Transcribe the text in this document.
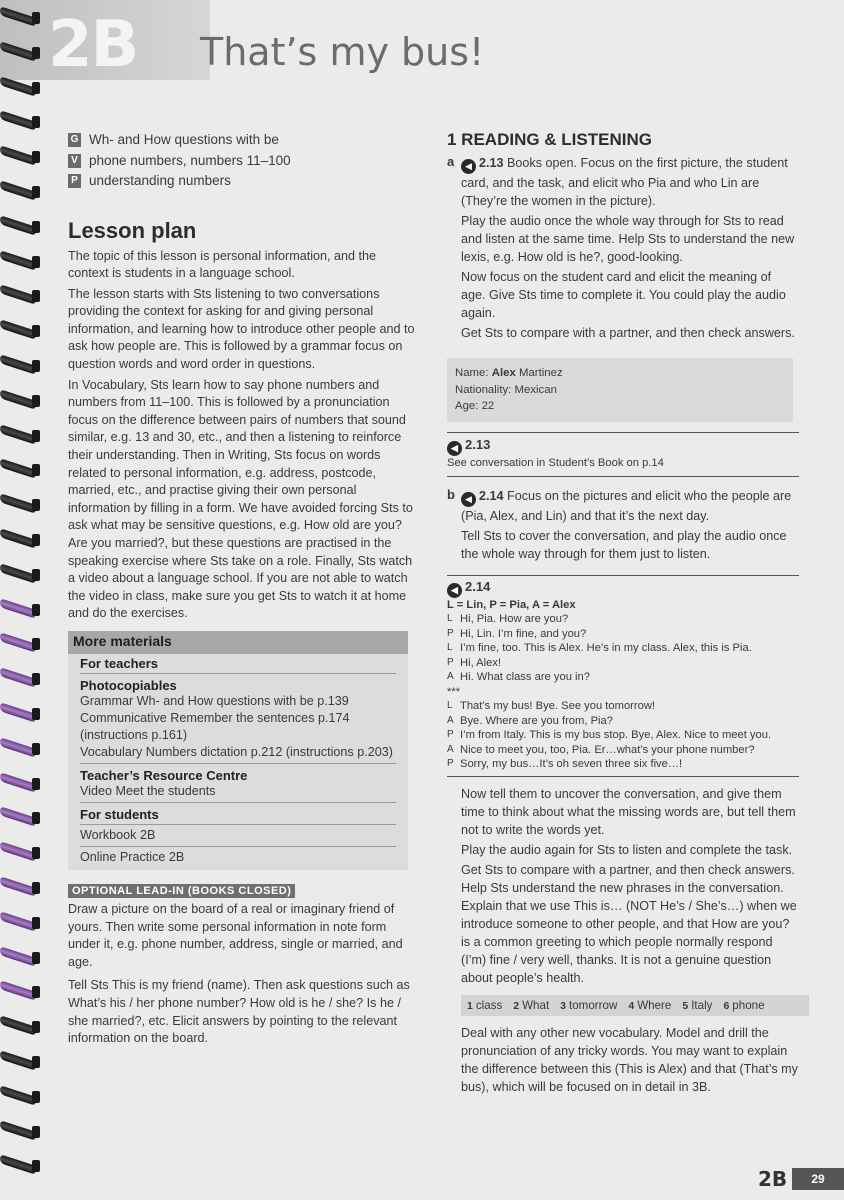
2B That’s my bus!
G Wh- and How questions with be
V phone numbers, numbers 11–100
P understanding numbers
Lesson plan

The topic of this lesson is personal information, and the context is students in a language school.

The lesson starts with Sts listening to two conversations providing the context for asking for and giving personal information, and learning how to introduce other people and to ask how people are. This is followed by a grammar focus on question words and word order in questions.

In Vocabulary, Sts learn how to say phone numbers and numbers from 11–100. This is followed by a pronunciation focus on the difference between pairs of numbers that sound similar, e.g. 13 and 30, etc., and then a listening to reinforce their understanding. Then in Writing, Sts focus on words related to personal information, e.g. address, postcode, married, etc., and practise giving their own personal information by filling in a form. We have avoided forcing Sts to ask what may be sensitive questions, e.g. How old are you? Are you married?, but these questions are practised in the speaking exercise where Sts take on a role. Finally, Sts watch a video about a language school. If you are not able to watch the video in class, make sure you get Sts to watch it at home and do the exercises.

More materials
For teachers
Photocopiables
Grammar Wh- and How questions with be p.139
Communicative Remember the sentences p.174
(instructions p.161)
Vocabulary Numbers dictation p.212 (instructions p.203)
Teacher’s Resource Centre
Video Meet the students
For students
Workbook 2B
Online Practice 2B
OPTIONAL LEAD-IN (BOOKS CLOSED)

Draw a picture on the board of a real or imaginary friend of yours. Then write some personal information in note form under it, e.g. phone number, address, single or married, and age.

Tell Sts This is my friend (name). Then ask questions such as What’s his / her phone number? How old is he / she? Is he / she married?, etc. Elicit answers by pointing to the relevant information on the board.

1 READING & LISTENING
a	◀ 2.13 Books open. Focus on the first picture, the student card, and the task, and elicit who Pia and who Lin are (They’re the women in the picture).

Play the audio once the whole way through for Sts to read and listen at the same time. Help Sts to understand the new lexis, e.g. How old is he?, good-looking.

Now focus on the student card and elicit the meaning of age. Give Sts time to complete it. You could play the audio again.

Get Sts to compare with a partner, and then check answers.

Name: Alex Martinez
Nationality: Mexican
Age: 22
◀ 2.13
See conversation in Student’s Book on p.14
b	◀ 2.14 Focus on the pictures and elicit who the people are (Pia, Alex, and Lin) and that it’s the next day.

Tell Sts to cover the conversation, and play the audio once the whole way through for them just to listen.

◀ 2.14
L = Lin, P = Pia, A = Alex
L Hi, Pia. How are you?
P Hi, Lin. I’m fine, and you?
L I’m fine, too. This is Alex. He’s in my class. Alex, this is Pia.
P Hi, Alex!
A Hi. What class are you in?
***
L That’s my bus! Bye. See you tomorrow!
A Bye. Where are you from, Pia?
P I’m from Italy. This is my bus stop. Bye, Alex. Nice to meet you.
A Nice to meet you, too, Pia. Er…what’s your phone number?
P Sorry, my bus…It’s oh seven three six five…!

Now tell them to uncover the conversation, and give them time to think about what the missing words are, but tell them not to write the words yet.

Play the audio again for Sts to listen and complete the task.

Get Sts to compare with a partner, and then check answers. Help Sts understand the new phrases in the conversation. Explain that we use This is… (NOT He’s / She’s…) when we introduce someone to other people, and that How are you? is a common greeting to which people normally respond (I’m) fine / very well, thanks. It is not a genuine question about people’s health.

1 class 2 What 3 tomorrow 4 Where 5 Italy 6 phone

Deal with any other new vocabulary. Model and drill the pronunciation of any tricky words. You may want to explain the difference between this (This is Alex) and that (That’s my bus), which will be focused on in detail in 3B.

2B	29
